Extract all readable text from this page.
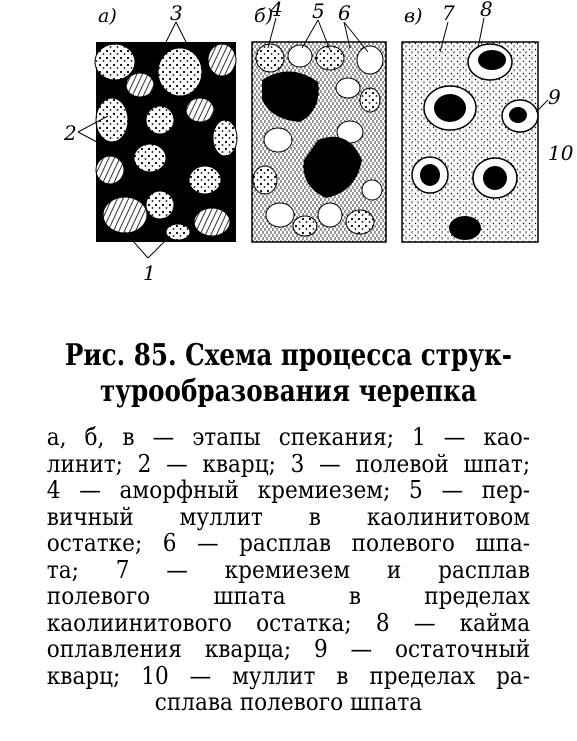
а)	б)	в)
1
2
3	4 5 6	7 8
9
10
Рис. 85. Схема процесса струк-
турообразования черепка
а, б, в — этапы спекания; 1 — као-
линит; 2 — кварц; 3 — полевой шпат;
4 — аморфный кремиезем; 5 — пер-
вичный муллит в каолинитовом
остатке; 6 — расплав полевого шпа-
та; 7 — кремиезем и расплав
полевого шпата в пределах
каолиинитового остатка; 8 — кайма
оплавления кварца; 9 — остаточный
кварц; 10 — муллит в пределах ра-
сплава полевого шпата
